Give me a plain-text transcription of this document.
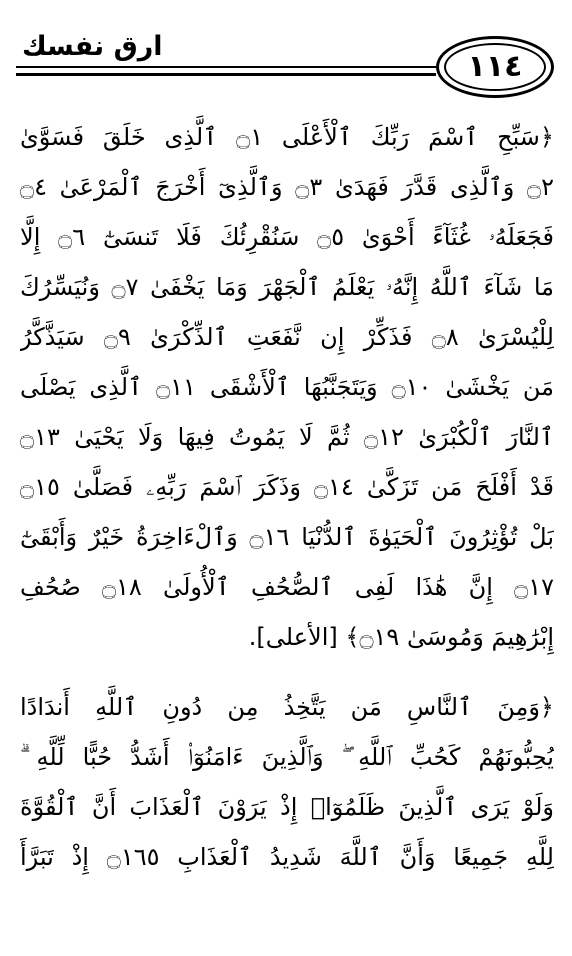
ارق نفسك
١١٤
﴿سَبِّحِ ٱسْمَ رَبِّكَ ٱلْأَعْلَى ۝١ ٱلَّذِى خَلَقَ فَسَوَّىٰ
۝٢ وَٱلَّذِى قَدَّرَ فَهَدَىٰ ۝٣ وَٱلَّذِىٓ أَخْرَجَ ٱلْمَرْعَىٰ ۝٤
فَجَعَلَهُۥ غُثَآءً أَحْوَىٰ ۝٥ سَنُقْرِئُكَ فَلَا تَنسَىٰٓ ۝٦ إِلَّا
مَا شَآءَ ٱللَّهُ إِنَّهُۥ يَعْلَمُ ٱلْجَهْرَ وَمَا يَخْفَىٰ ۝٧ وَنُيَسِّرُكَ
لِلْيُسْرَىٰ ۝٨ فَذَكِّرْ إِن نَّفَعَتِ ٱلذِّكْرَىٰ ۝٩ سَيَذَّكَّرُ
مَن يَخْشَىٰ ۝١٠ وَيَتَجَنَّبُهَا ٱلْأَشْقَى ۝١١ ٱلَّذِى يَصْلَى
ٱلنَّارَ ٱلْكُبْرَىٰ ۝١٢ ثُمَّ لَا يَمُوتُ فِيهَا وَلَا يَحْيَىٰ ۝١٣
قَدْ أَفْلَحَ مَن تَزَكَّىٰ ۝١٤ وَذَكَرَ ٱسْمَ رَبِّهِۦ فَصَلَّىٰ ۝١٥
بَلْ تُؤْثِرُونَ ٱلْحَيَوٰةَ ٱلدُّنْيَا ۝١٦ وَٱلْءَاخِرَةُ خَيْرٌ وَأَبْقَىٰٓ
۝١٧ إِنَّ هَٰذَا لَفِى ٱلصُّحُفِ ٱلْأُولَىٰ ۝١٨ صُحُفِ
إِبْرَٰهِيمَ وَمُوسَىٰ ۝١٩﴾ [الأعلى].
﴿وَمِنَ ٱلنَّاسِ مَن يَتَّخِذُ مِن دُونِ ٱللَّهِ أَندَادًا
يُحِبُّونَهُمْ كَحُبِّ ٱللَّهِ ۖ وَٱلَّذِينَ ءَامَنُوٓا۟ أَشَدُّ حُبًّا لِّلَّهِ ۗ
وَلَوْ يَرَى ٱلَّذِينَ ظَلَمُوٓا۟ إِذْ يَرَوْنَ ٱلْعَذَابَ أَنَّ ٱلْقُوَّةَ
لِلَّهِ جَمِيعًا وَأَنَّ ٱللَّهَ شَدِيدُ ٱلْعَذَابِ ۝١٦٥ إِذْ تَبَرَّأَ
